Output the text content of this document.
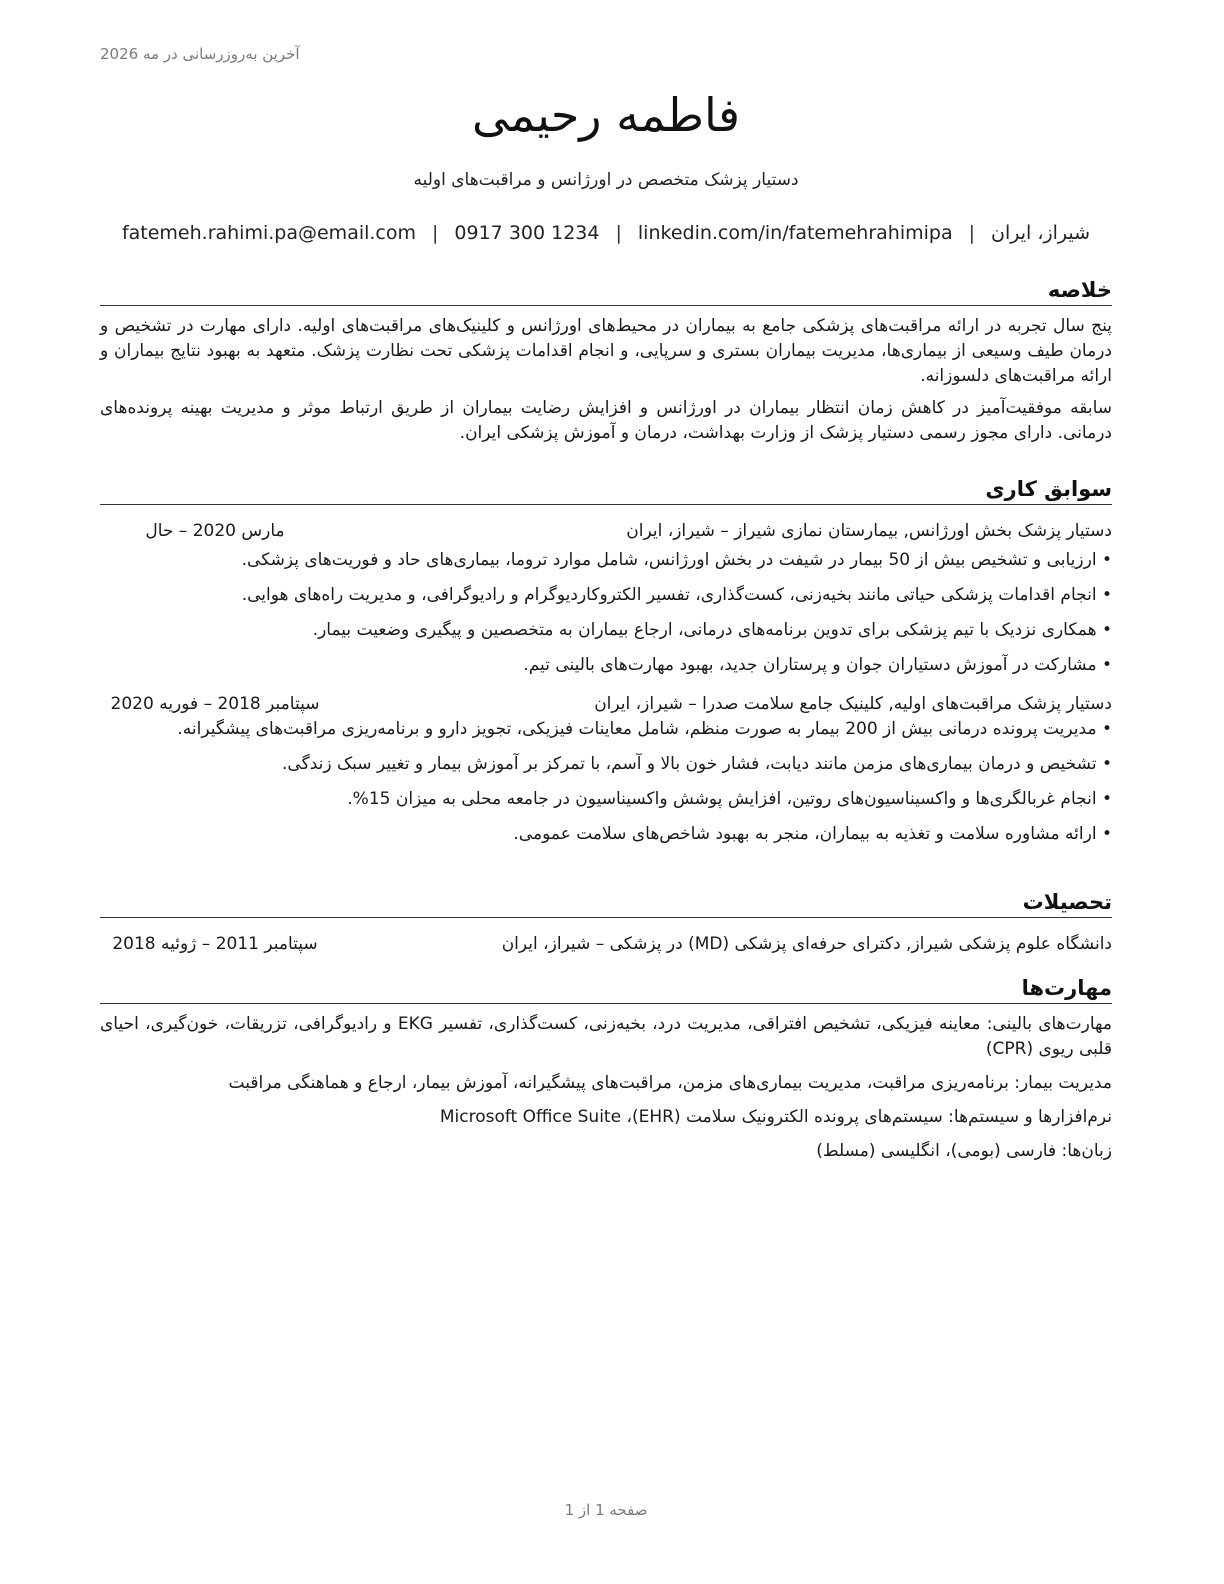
آخرین به‌روزرسانی در مه 2026
فاطمه رحیمی
دستیار پزشک متخصص در اورژانس و مراقبت‌های اولیه
شیراز، ایران|fatemeh.rahimi.pa@email.com | 0917 300 1234 | linkedin.com/in/fatemehrahimipa
خلاصه

پنج سال تجربه در ارائه مراقبت‌های پزشکی جامع به بیماران در محیط‌های اورژانس و کلینیک‌های مراقبت‌های اولیه. دارای مهارت در تشخیص و درمان طیف وسیعی از بیماری‌ها، مدیریت بیماران بستری و سرپایی، و انجام اقدامات پزشکی تحت نظارت پزشک. متعهد به بهبود نتایج بیماران و ارائه مراقبت‌های دلسوزانه.

سابقه موفقیت‌آمیز در کاهش زمان انتظار بیماران در اورژانس و افزایش رضایت بیماران از طریق ارتباط موثر و مدیریت بهینه پرونده‌های درمانی. دارای مجوز رسمی دستیار پزشک از وزارت بهداشت، درمان و آموزش پزشکی ایران.

سوابق کاری
دستیار پزشک بخش اورژانس, بیمارستان نمازی شیراز – شیراز، ایران
مارس 2020 – حال
• ارزیابی و تشخیص بیش از 50 بیمار در شیفت در بخش اورژانس، شامل موارد تروما، بیماری‌های حاد و فوریت‌های پزشکی.
• انجام اقدامات پزشکی حیاتی مانند بخیه‌زنی، کست‌گذاری، تفسیر الکتروکاردیوگرام و رادیوگرافی، و مدیریت راه‌های هوایی.
• همکاری نزدیک با تیم پزشکی برای تدوین برنامه‌های درمانی، ارجاع بیماران به متخصصین و پیگیری وضعیت بیمار.
• مشارکت در آموزش دستیاران جوان و پرستاران جدید، بهبود مهارت‌های بالینی تیم.
دستیار پزشک مراقبت‌های اولیه, کلینیک جامع سلامت صدرا – شیراز، ایران
سپتامبر 2018 – فوریه 2020
• مدیریت پرونده درمانی بیش از 200 بیمار به صورت منظم، شامل معاینات فیزیکی، تجویز دارو و برنامه‌ریزی مراقبت‌های پیشگیرانه.
• تشخیص و درمان بیماری‌های مزمن مانند دیابت، فشار خون بالا و آسم، با تمرکز بر آموزش بیمار و تغییر سبک زندگی.
• انجام غربالگری‌ها و واکسیناسیون‌های روتین، افزایش پوشش واکسیناسیون در جامعه محلی به میزان 15%.
• ارائه مشاوره سلامت و تغذیه به بیماران، منجر به بهبود شاخص‌های سلامت عمومی.
تحصیلات
دانشگاه علوم پزشکی شیراز, دکترای حرفه‌ای پزشکی (MD) در پزشکی – شیراز، ایران
سپتامبر 2011 – ژوئیه 2018
مهارت‌ها

مهارت‌های بالینی: معاینه فیزیکی، تشخیص افتراقی، مدیریت درد، بخیه‌زنی، کست‌گذاری، تفسیر EKG و رادیوگرافی، تزریقات، خون‌گیری، احیای قلبی ریوی (CPR)

مدیریت بیمار: برنامه‌ریزی مراقبت، مدیریت بیماری‌های مزمن، مراقبت‌های پیشگیرانه، آموزش بیمار، ارجاع و هماهنگی مراقبت

نرم‌افزارها و سیستم‌ها: سیستم‌های پرونده الکترونیک سلامت (EHR)، Microsoft Office Suite

زبان‌ها: فارسی (بومی)، انگلیسی (مسلط)

صفحه 1 از 1
